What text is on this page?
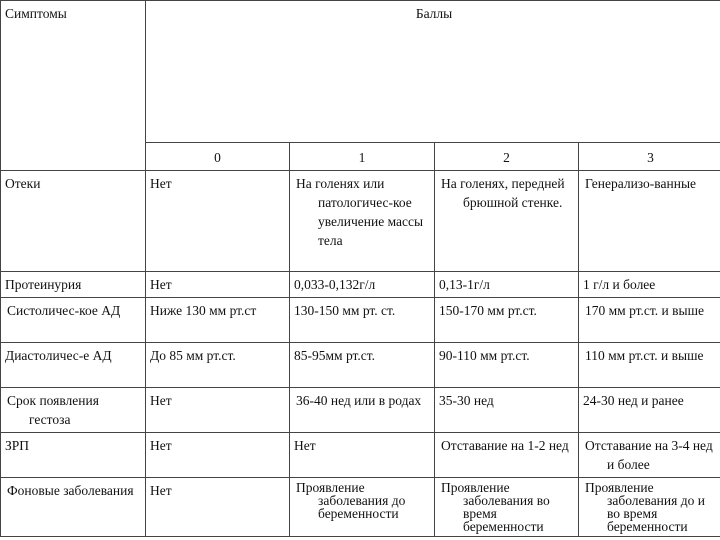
Симптомы	Баллы			
	0	1	2	3
Отеки	Нет	На голенях или патологичес-кое увеличение массы тела	На голенях, передней брюшной стенке.	Генерализо-ванные
Протеинурия	Нет	0,033-0,132г/л	0,13-1г/л	1 г/л и более
Систоличес-кое АД	Ниже 130 мм рт.ст	130-150 мм рт. ст.	150-170 мм рт.ст.	170 мм рт.ст. и выше
Диастоличес-е АД	До 85 мм рт.ст.	85-95мм рт.ст.	90-110 мм рт.ст.	110 мм рт.ст. и выше
Срок появления гестоза	Нет	36-40 нед или в родах	35-30 нед	24-30 нед и ранее
ЗРП	Нет	Нет	Отставание на 1-2 нед	Отставание на 3-4 нед и более
Фоновые заболевания	Нет	Проявление заболевания до беременности	Проявление заболевания во время беременности	Проявление заболевания до и во время беременности
